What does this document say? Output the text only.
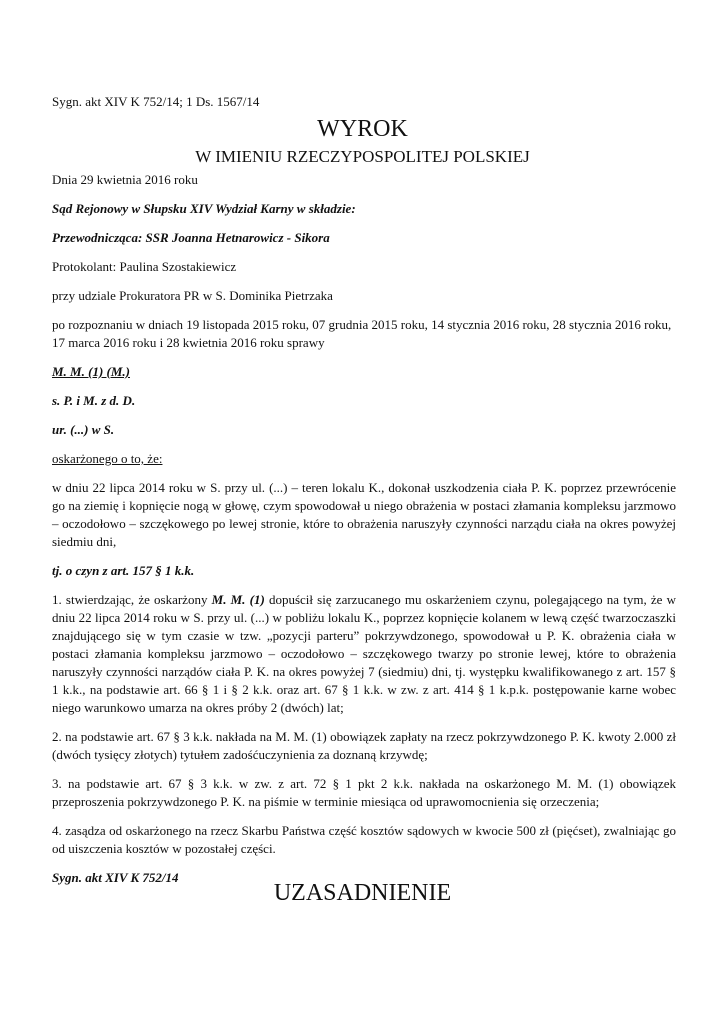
Sygn. akt XIV K 752/14; 1 Ds. 1567/14
WYROK
W IMIENIU RZECZYPOSPOLITEJ POLSKIEJ

Dnia 29 kwietnia 2016 roku

Sąd Rejonowy w Słupsku XIV Wydział Karny w składzie:

Przewodnicząca: SSR Joanna Hetnarowicz - Sikora

Protokolant: Paulina Szostakiewicz

przy udziale Prokuratora PR w S. Dominika Pietrzaka

po rozpoznaniu w dniach 19 listopada 2015 roku, 07 grudnia 2015 roku, 14 stycznia 2016 roku, 28 stycznia 2016 roku, 17 marca 2016 roku i 28 kwietnia 2016 roku sprawy

M. M. (1) (M.)

s. P. i M. z d. D.

ur. (...) w S.

oskarżonego o to, że:

w dniu 22 lipca 2014 roku w S. przy ul. (...) – teren lokalu K., dokonał uszkodzenia ciała P. K. poprzez przewrócenie go na ziemię i kopnięcie nogą w głowę, czym spowodował u niego obrażenia w postaci złamania kompleksu jarzmowo – oczodołowo – szczękowego po lewej stronie, które to obrażenia naruszyły czynności narządu ciała na okres powyżej siedmiu dni,

tj. o czyn z art. 157 § 1 k.k.

1. stwierdzając, że oskarżony M. M. (1) dopuścił się zarzucanego mu oskarżeniem czynu, polegającego na tym, że w dniu 22 lipca 2014 roku w S. przy ul. (...) w pobliżu lokalu K., poprzez kopnięcie kolanem w lewą część twarzoczaszki znajdującego się w tym czasie w tzw. „pozycji parteru” pokrzywdzonego, spowodował u P. K. obrażenia ciała w postaci złamania kompleksu jarzmowo – oczodołowo – szczękowego twarzy po stronie lewej, które to obrażenia naruszyły czynności narządów ciała P. K. na okres powyżej 7 (siedmiu) dni, tj. występku kwalifikowanego z art. 157 § 1 k.k., na podstawie art. 66 § 1 i § 2 k.k. oraz art. 67 § 1 k.k. w zw. z art. 414 § 1 k.p.k. postępowanie karne wobec niego warunkowo umarza na okres próby 2 (dwóch) lat;

2. na podstawie art. 67 § 3 k.k. nakłada na M. M. (1) obowiązek zapłaty na rzecz pokrzywdzonego P. K. kwoty 2.000 zł (dwóch tysięcy złotych) tytułem zadośćuczynienia za doznaną krzywdę;

3. na podstawie art. 67 § 3 k.k. w zw. z art. 72 § 1 pkt 2 k.k. nakłada na oskarżonego M. M. (1) obowiązek przeproszenia pokrzywdzonego P. K. na piśmie w terminie miesiąca od uprawomocnienia się orzeczenia;

4. zasądza od oskarżonego na rzecz Skarbu Państwa część kosztów sądowych w kwocie 500 zł (pięćset), zwalniając go od uiszczenia kosztów w pozostałej części.

Sygn. akt XIV K 752/14

UZASADNIENIE
